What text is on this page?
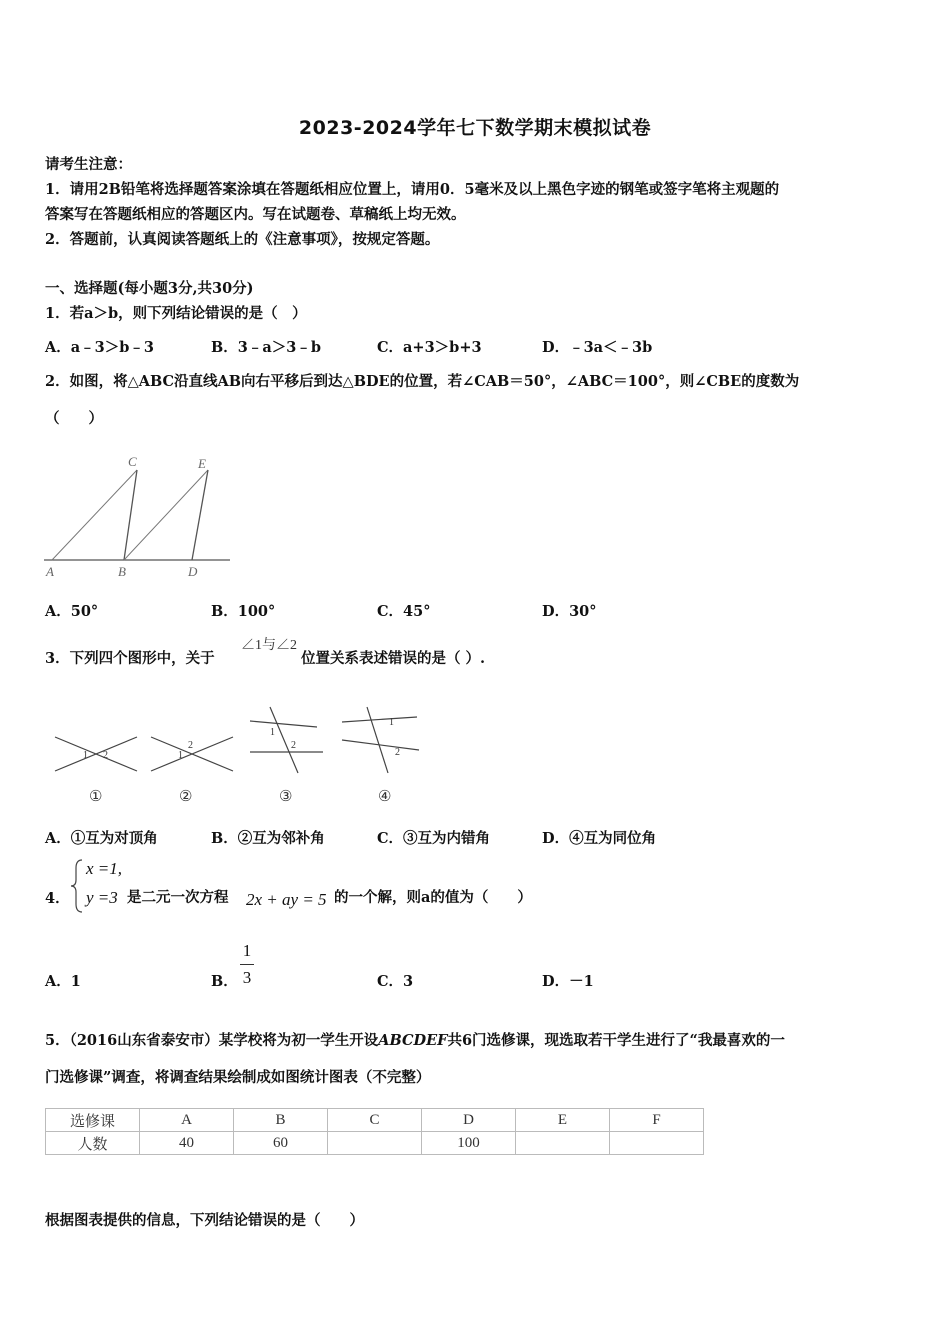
2023-2024学年七下数学期末模拟试卷
请考生注意：
1．请用2B铅笔将选择题答案涂填在答题纸相应位置上，请用0．5毫米及以上黑色字迹的钢笔或签字笔将主观题的
答案写在答题纸相应的答题区内。写在试题卷、草稿纸上均无效。
2．答题前，认真阅读答题纸上的《注意事项》，按规定答题。
一、选择题(每小题3分,共30分)
1．若a＞b，则下列结论错误的是（　）
A．a﹣3＞b﹣3	B．3﹣a＞3﹣b	C．a+3＞b+3	D．﹣3a＜﹣3b
2．如图，将△ABC沿直线AB向右平移后到达△BDE的位置，若∠CAB＝50°，∠ABC＝100°，则∠CBE的度数为
（　　）
C	E
A	B	D
A．50°	B．100°	C．45°	D．30°
3．下列四个图形中，关于
∠1与∠2
位置关系表述错误的是（ ）.
1 2
①
1
2
②
1
2
③
1
2
④
A．①互为对顶角	B．②互为邻补角	C．③互为内错角	D．④互为同位角
4．
x =1,
y =3 是二元一次方程 2x + ay = 5 的一个解，则a的值为（　　）
A．1	B．
1
3	C．3	D．－1
5．（2016山东省泰安市）某学校将为初一学生开设ABCDEF共6门选修课，现选取若干学生进行了“我最喜欢的一
门选修课”调查，将调查结果绘制成如图统计图表（不完整）
选修课	A	B	C	D	E	F
人数	40	60		100		
根据图表提供的信息，下列结论错误的是（　　）
